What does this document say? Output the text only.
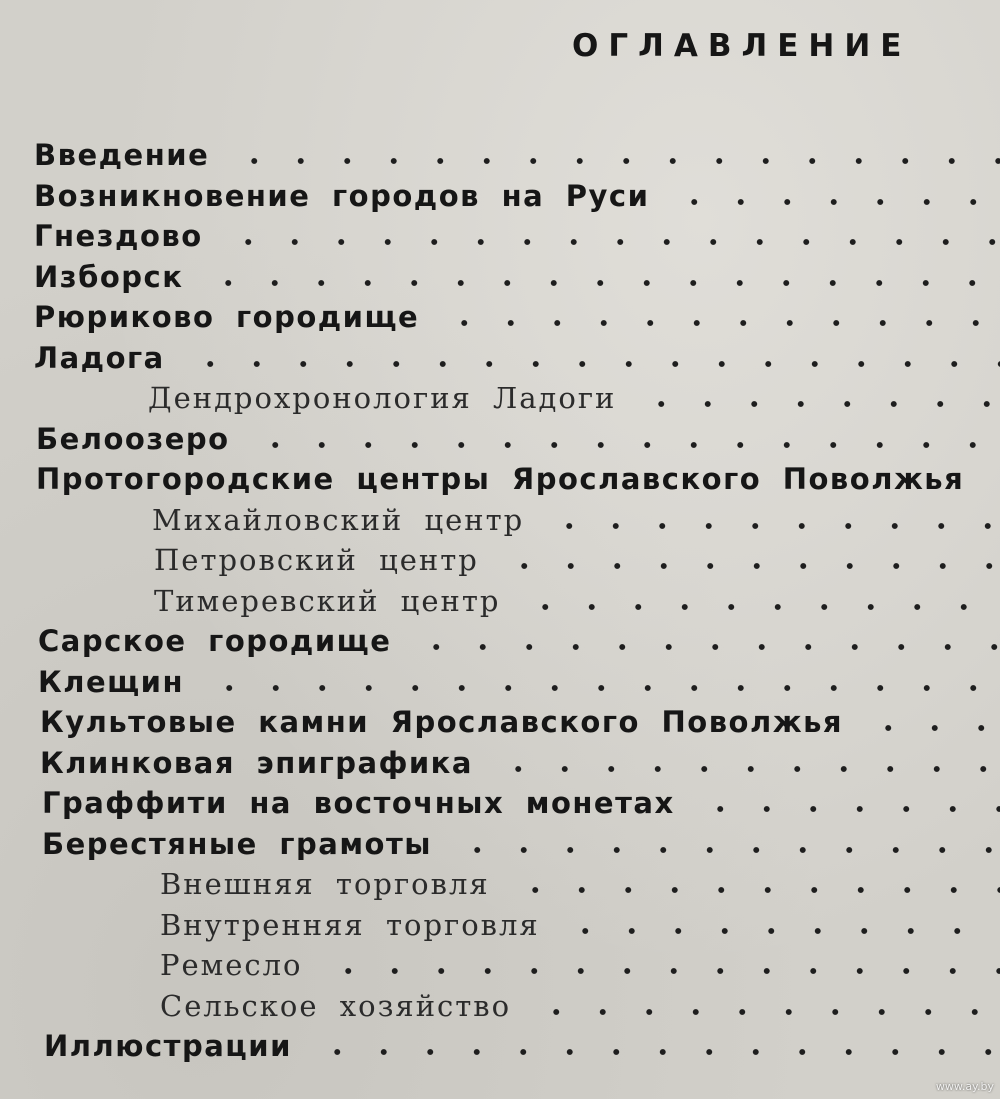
ОГЛАВЛЕНИЕ
Введение
Возникновение городов на Руси
Гнездово
Изборск
Рюриково городище
Ладога
Дендрохронология Ладоги
Белоозеро
Протогородские центры Ярославского Поволжья
Михайловский центр
Петровский центр
Тимеревский центр
Сарское городище
Клещин
Культовые камни Ярославского Поволжья
Клинковая эпиграфика
Граффити на восточных монетах
Берестяные грамоты
Внешняя торговля
Внутренняя торговля
Ремесло
Сельское хозяйство
Иллюстрации
www.ay.by
